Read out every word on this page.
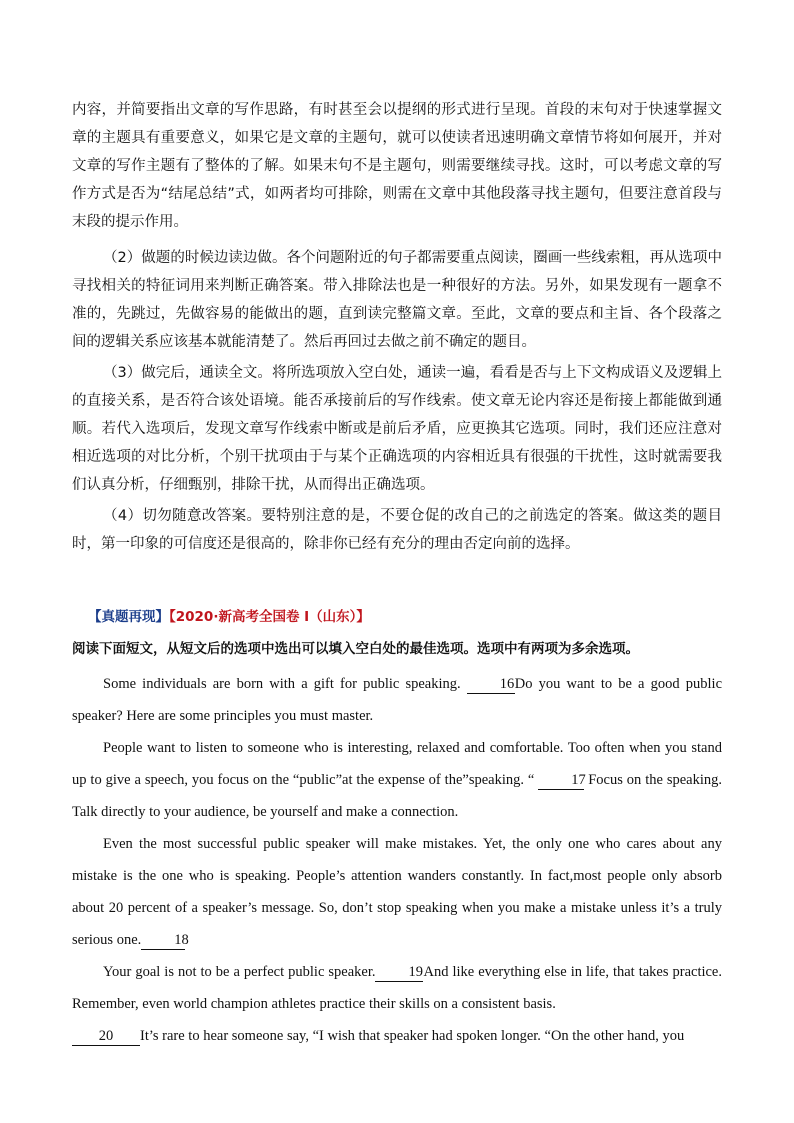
内容，并简要指出文章的写作思路，有时甚至会以提纲的形式进行呈现。首段的末句对于快速掌握文章的主题具有重要意义，如果它是文章的主题句，就可以使读者迅速明确文章情节将如何展开，并对文章的写作主题有了整体的了解。如果末句不是主题句，则需要继续寻找。这时，可以考虑文章的写作方式是否为“结尾总结”式，如两者均可排除，则需在文章中其他段落寻找主题句，但要注意首段与末段的提示作用。

（2）做题的时候边读边做。各个问题附近的句子都需要重点阅读，圈画一些线索粗，再从选项中寻找相关的特征词用来判断正确答案。带入排除法也是一种很好的方法。另外，如果发现有一题拿不准的，先跳过，先做容易的能做出的题，直到读完整篇文章。至此，文章的要点和主旨、各个段落之间的逻辑关系应该基本就能清楚了。然后再回过去做之前不确定的题目。

（3）做完后，通读全文。将所选项放入空白处，通读一遍，看看是否与上下文构成语义及逻辑上的直接关系，是否符合该处语境。能否承接前后的写作线索。使文章无论内容还是衔接上都能做到通顺。若代入选项后，发现文章写作线索中断或是前后矛盾，应更换其它选项。同时，我们还应注意对相近选项的对比分析，个别干扰项由于与某个正确选项的内容相近具有很强的干扰性，这时就需要我们认真分析，仔细甄别，排除干扰，从而得出正确选项。

（4）切勿随意改答案。要特别注意的是，不要仓促的改自己的之前选定的答案。做这类的题目时，第一印象的可信度还是很高的，除非你已经有充分的理由否定向前的选择。

【真题再现】【2020·新高考全国卷 I（山东）】
阅读下面短文，从短文后的选项中选出可以填入空白处的最佳选项。选项中有两项为多余选项。

Some individuals are born with a gift for public speaking. 16Do you want to be a good public speaker? Here are some principles you must master.

People want to listen to someone who is interesting, relaxed and comfortable. Too often when you stand up to give a speech, you focus on the “public”at the expense of the”speaking. “ 17 Focus on the speaking. Talk directly to your audience, be yourself and make a connection.

Even the most successful public speaker will make mistakes. Yet, the only one who cares about any mistake is the one who is speaking. People’s attention wanders constantly. In fact,most people only absorb about 20 percent of a speaker’s message. So, don’t stop speaking when you make a mistake unless it’s a truly serious one. 18

Your goal is not to be a perfect public speaker. 19And like everything else in life, that takes practice. Remember, even world champion athletes practice their skills on a consistent basis.

20 It’s rare to hear someone say, “I wish that speaker had spoken longer. “On the other hand, you
